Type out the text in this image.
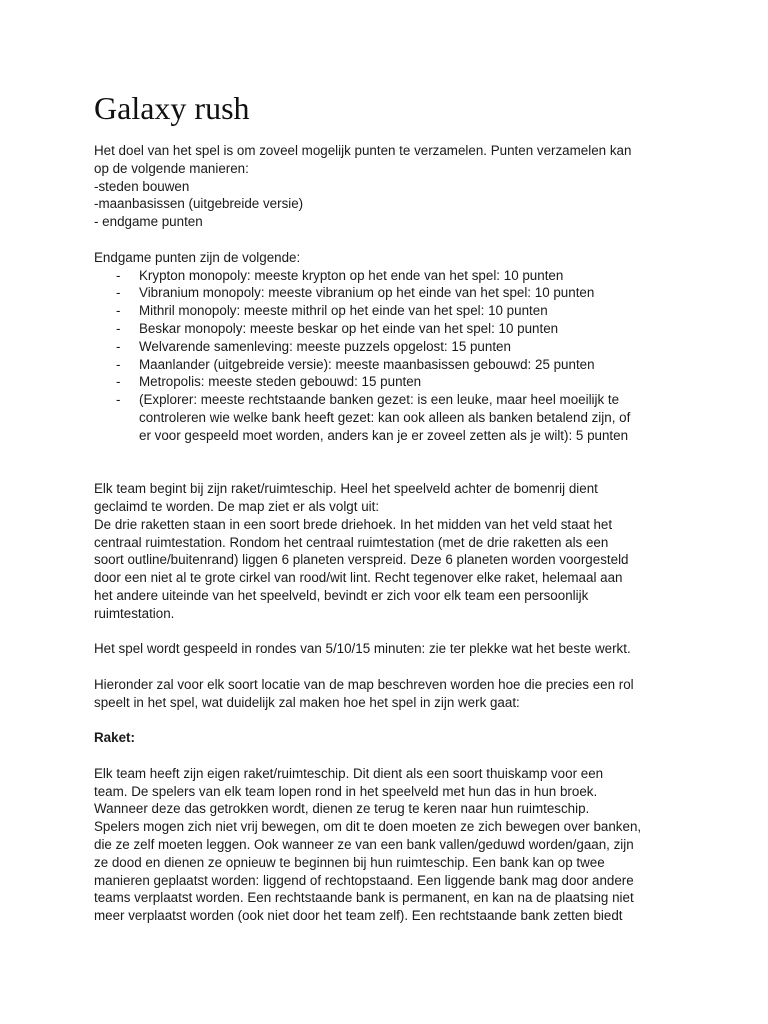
Galaxy rush

Het doel van het spel is om zoveel mogelijk punten te verzamelen. Punten verzamelen kan

op de volgende manieren:

-steden bouwen

-maanbasissen (uitgebreide versie)

- endgame punten

Endgame punten zijn de volgende:

- Krypton monopoly: meeste krypton op het ende van het spel: 10 punten
- Vibranium monopoly: meeste vibranium op het einde van het spel: 10 punten
- Mithril monopoly: meeste mithril op het einde van het spel: 10 punten
- Beskar monopoly: meeste beskar op het einde van het spel: 10 punten
- Welvarende samenleving: meeste puzzels opgelost: 15 punten
- Maanlander (uitgebreide versie): meeste maanbasissen gebouwd: 25 punten
- Metropolis: meeste steden gebouwd: 15 punten
- (Explorer: meeste rechtstaande banken gezet: is een leuke, maar heel moeilijk te
controleren wie welke bank heeft gezet: kan ook alleen als banken betalend zijn, of
er voor gespeeld moet worden, anders kan je er zoveel zetten als je wilt): 5 punten

Elk team begint bij zijn raket/ruimteschip. Heel het speelveld achter de bomenrij dient

geclaimd te worden. De map ziet er als volgt uit:

De drie raketten staan in een soort brede driehoek. In het midden van het veld staat het

centraal ruimtestation. Rondom het centraal ruimtestation (met de drie raketten als een

soort outline/buitenrand) liggen 6 planeten verspreid. Deze 6 planeten worden voorgesteld

door een niet al te grote cirkel van rood/wit lint. Recht tegenover elke raket, helemaal aan

het andere uiteinde van het speelveld, bevindt er zich voor elk team een persoonlijk

ruimtestation.

Het spel wordt gespeeld in rondes van 5/10/15 minuten: zie ter plekke wat het beste werkt.

Hieronder zal voor elk soort locatie van de map beschreven worden hoe die precies een rol

speelt in het spel, wat duidelijk zal maken hoe het spel in zijn werk gaat:

Raket:

Elk team heeft zijn eigen raket/ruimteschip. Dit dient als een soort thuiskamp voor een

team. De spelers van elk team lopen rond in het speelveld met hun das in hun broek.

Wanneer deze das getrokken wordt, dienen ze terug te keren naar hun ruimteschip.

Spelers mogen zich niet vrij bewegen, om dit te doen moeten ze zich bewegen over banken,

die ze zelf moeten leggen. Ook wanneer ze van een bank vallen/geduwd worden/gaan, zijn

ze dood en dienen ze opnieuw te beginnen bij hun ruimteschip. Een bank kan op twee

manieren geplaatst worden: liggend of rechtopstaand. Een liggende bank mag door andere

teams verplaatst worden. Een rechtstaande bank is permanent, en kan na de plaatsing niet

meer verplaatst worden (ook niet door het team zelf). Een rechtstaande bank zetten biedt
